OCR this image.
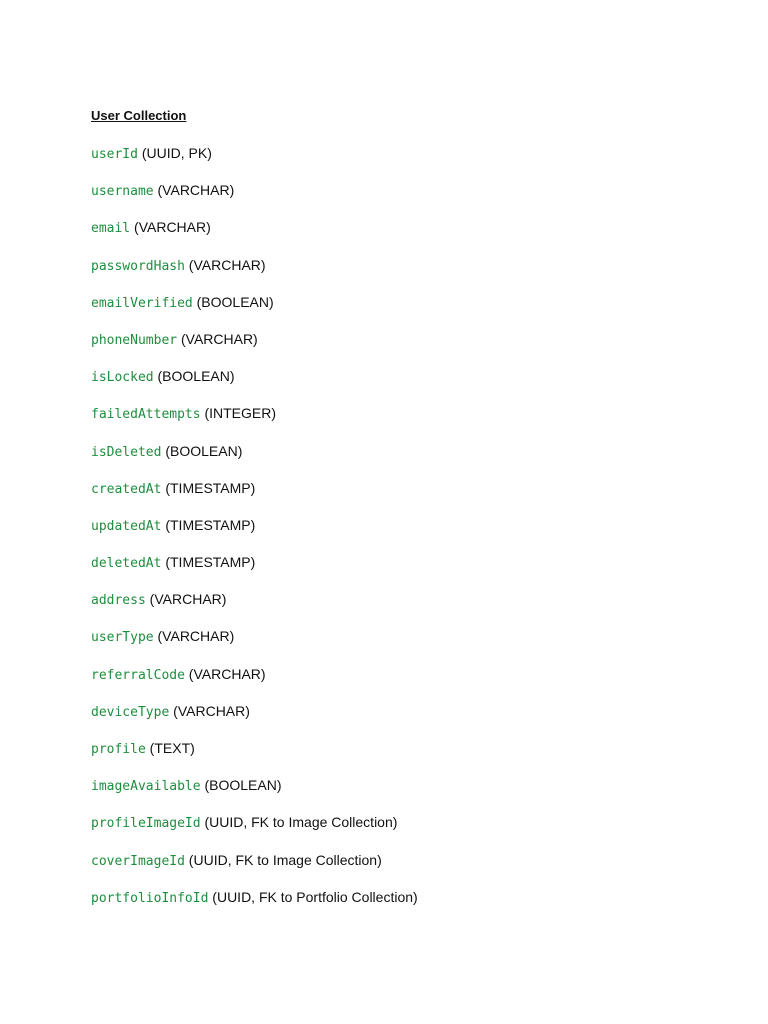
User Collection
userId (UUID, PK)
username (VARCHAR)
email (VARCHAR)
passwordHash (VARCHAR)
emailVerified (BOOLEAN)
phoneNumber (VARCHAR)
isLocked (BOOLEAN)
failedAttempts (INTEGER)
isDeleted (BOOLEAN)
createdAt (TIMESTAMP)
updatedAt (TIMESTAMP)
deletedAt (TIMESTAMP)
address (VARCHAR)
userType (VARCHAR)
referralCode (VARCHAR)
deviceType (VARCHAR)
profile (TEXT)
imageAvailable (BOOLEAN)
profileImageId (UUID, FK to Image Collection)
coverImageId (UUID, FK to Image Collection)
portfolioInfoId (UUID, FK to Portfolio Collection)
